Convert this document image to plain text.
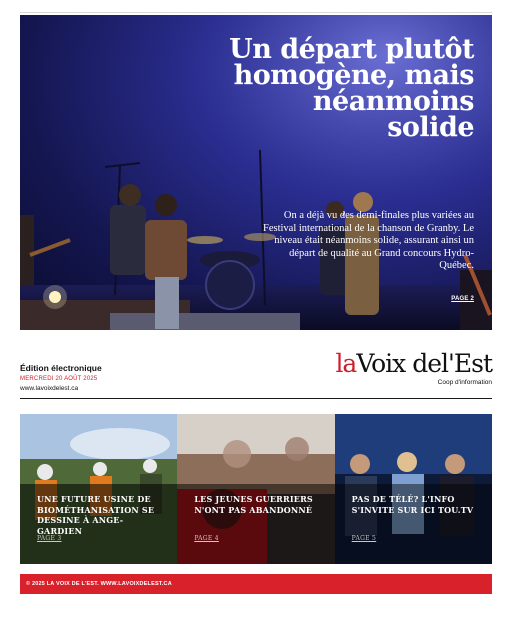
Un départ plutôt homogène, mais néanmoins solide
On a déjà vu des demi-finales plus variées au Festival international de la chanson de Granby. Le niveau était néanmoins solide, assurant ainsi un départ de qualité au Grand concours Hydro-Québec.
PAGE 2
Édition électronique
MERCREDI 20 AOÛT 2025
www.lavoixdelest.ca
laVoix del'Est
Coop d'information
UNE FUTURE USINE DE BIOMÉTHANISATION SE DESSINE À ANGE-GARDIEN
PAGE 3
LES JEUNES GUERRIERS N'ONT PAS ABANDONNÉ
PAGE 4
PAS DE TÉLÉ? L'INFO S'INVITE SUR ICI TOU.TV
PAGE 5
© 2025 LA VOIX DE L'EST. WWW.LAVOIXDELEST.CA
